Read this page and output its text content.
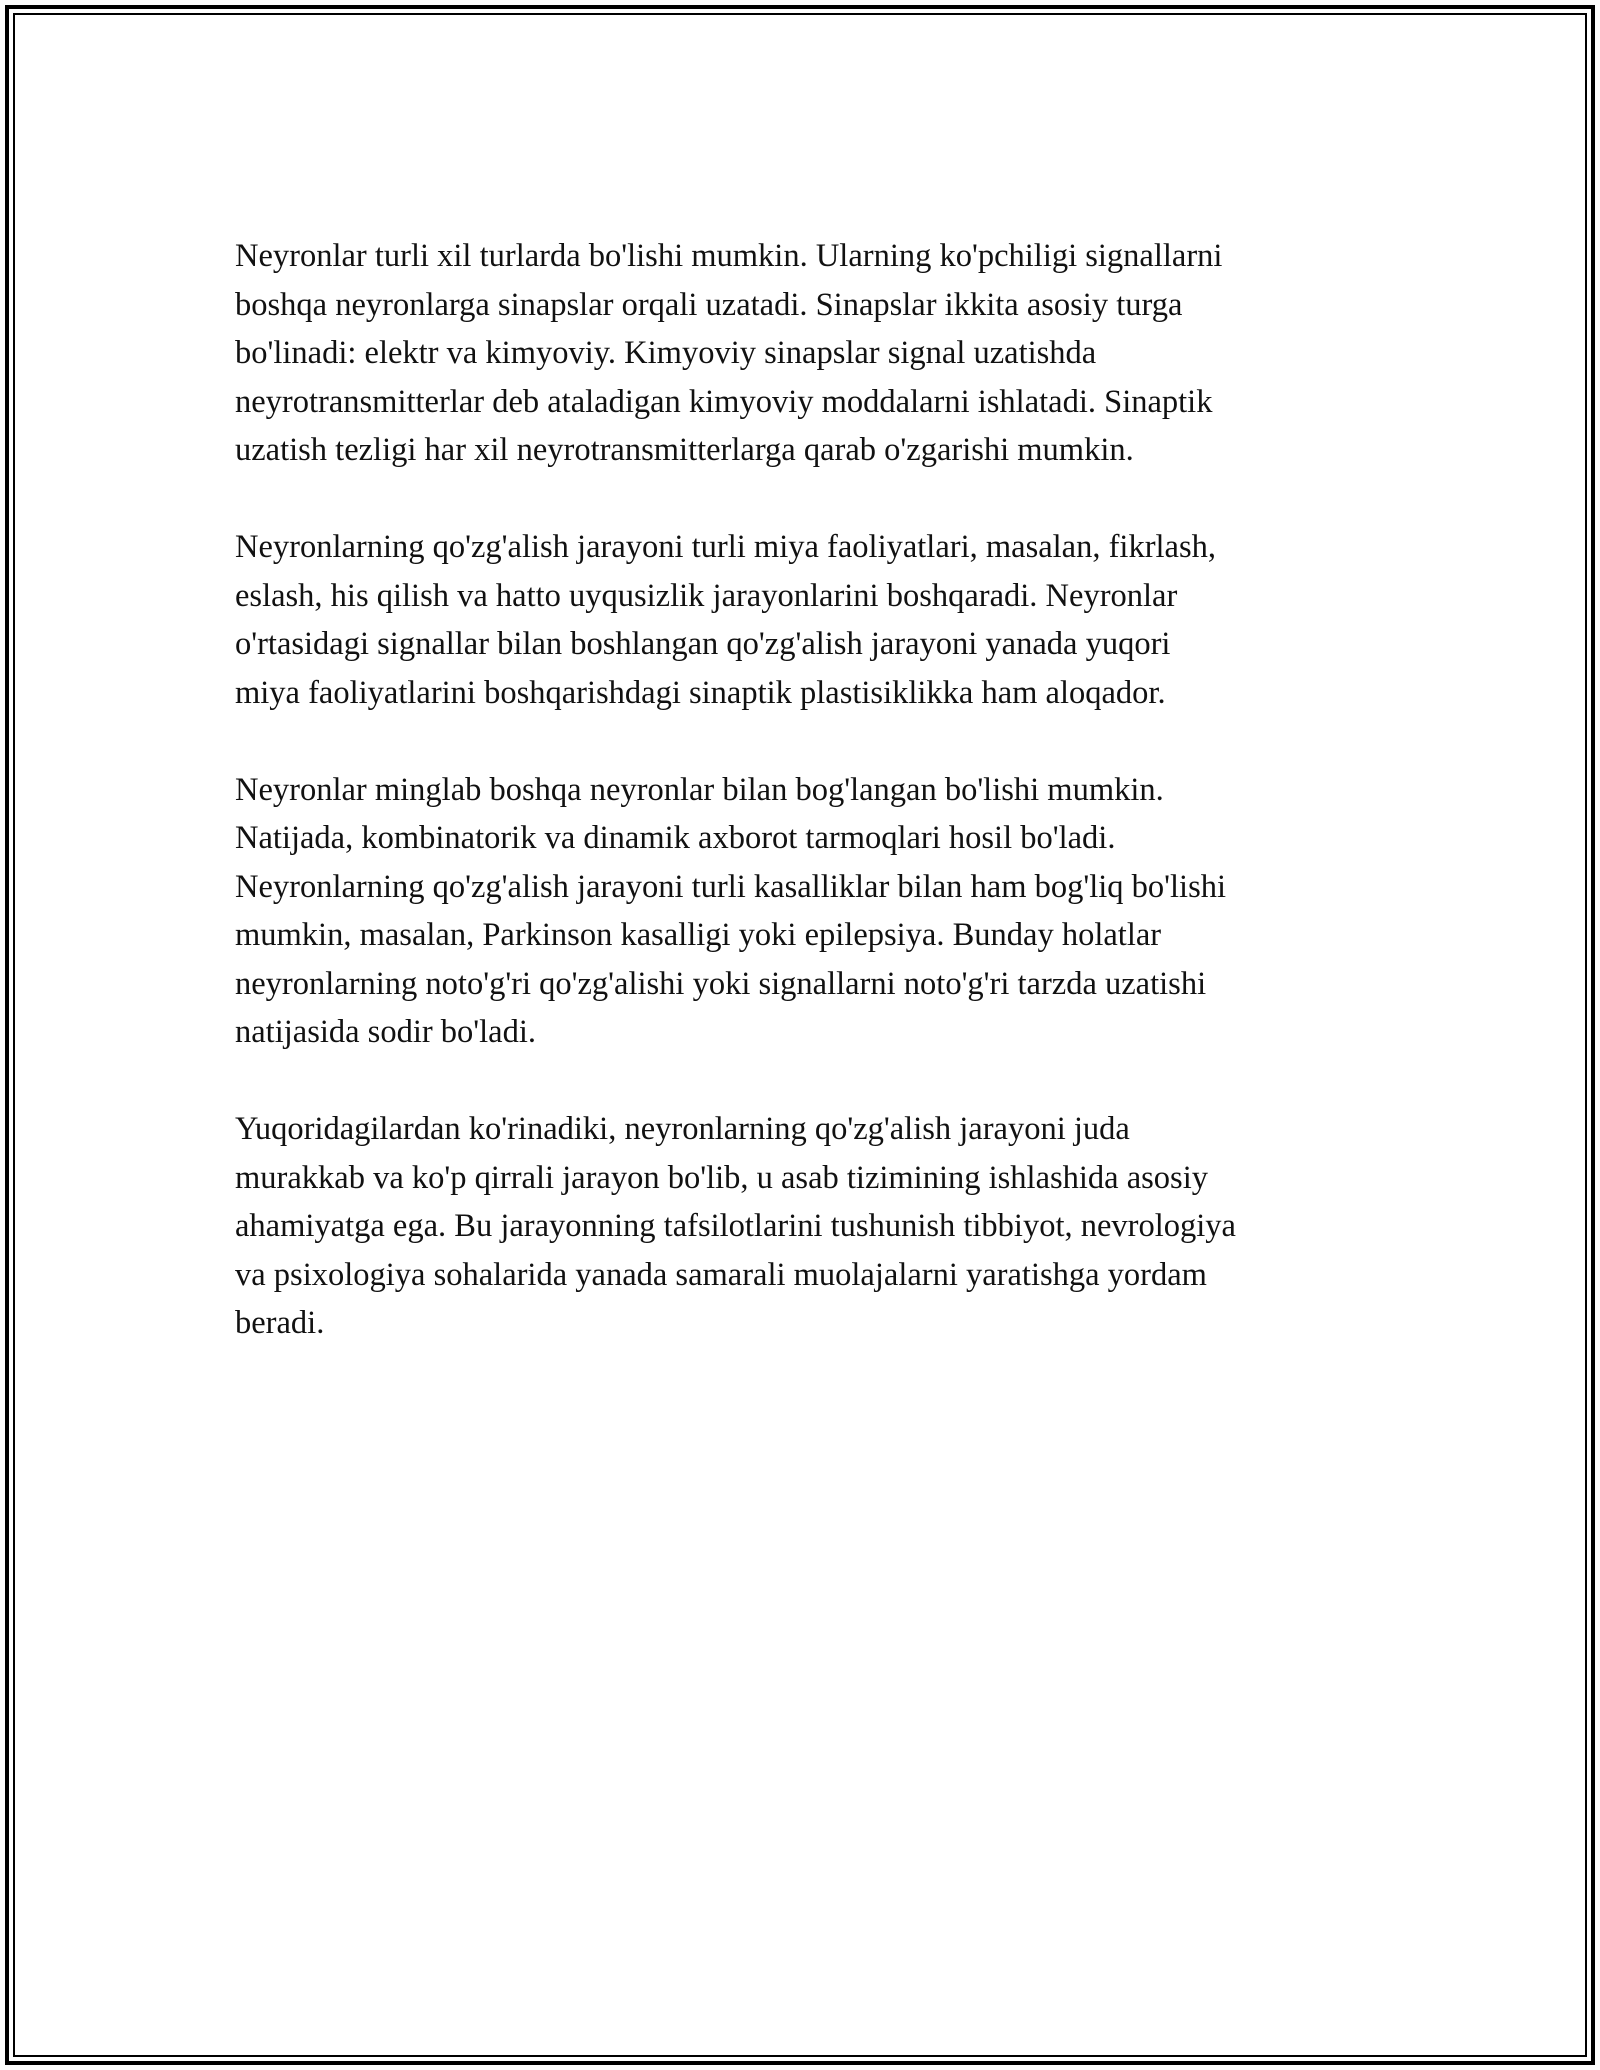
Neyronlar turli xil turlarda bo'lishi mumkin. Ularning ko'pchiligi signallarni
boshqa neyronlarga sinapslar orqali uzatadi. Sinapslar ikkita asosiy turga
bo'linadi: elektr va kimyoviy. Kimyoviy sinapslar signal uzatishda
neyrotransmitterlar deb ataladigan kimyoviy moddalarni ishlatadi. Sinaptik
uzatish tezligi har xil neyrotransmitterlarga qarab o'zgarishi mumkin.

Neyronlarning qo'zg'alish jarayoni turli miya faoliyatlari, masalan, fikrlash,
eslash, his qilish va hatto uyqusizlik jarayonlarini boshqaradi. Neyronlar
o'rtasidagi signallar bilan boshlangan qo'zg'alish jarayoni yanada yuqori
miya faoliyatlarini boshqarishdagi sinaptik plastisiklikka ham aloqador.

Neyronlar minglab boshqa neyronlar bilan bog'langan bo'lishi mumkin.
Natijada, kombinatorik va dinamik axborot tarmoqlari hosil bo'ladi.
Neyronlarning qo'zg'alish jarayoni turli kasalliklar bilan ham bog'liq bo'lishi
mumkin, masalan, Parkinson kasalligi yoki epilepsiya. Bunday holatlar
neyronlarning noto'g'ri qo'zg'alishi yoki signallarni noto'g'ri tarzda uzatishi
natijasida sodir bo'ladi.

Yuqoridagilardan ko'rinadiki, neyronlarning qo'zg'alish jarayoni juda
murakkab va ko'p qirrali jarayon bo'lib, u asab tizimining ishlashida asosiy
ahamiyatga ega. Bu jarayonning tafsilotlarini tushunish tibbiyot, nevrologiya
va psixologiya sohalarida yanada samarali muolajalarni yaratishga yordam
beradi.
